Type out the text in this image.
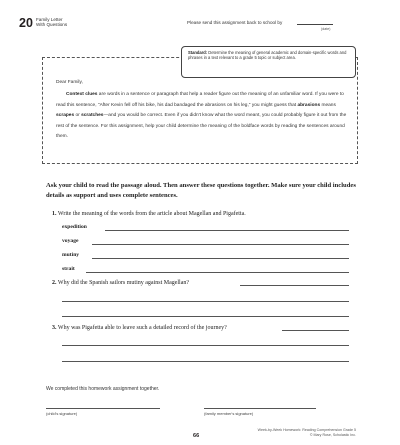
20 Family Letter
With Questions	Please send this assignment back to school by
(date)
Standard: Determine the meaning of general academic and domain-specific words and phrases in a text relevant to a grade 5 topic or subject area.
Dear Family,
Context clues are words in a sentence or paragraph that help a reader figure out the meaning of an unfamiliar word. If you were to read this sentence, "After Kevin fell off his bike, his dad bandaged the abrasions on his leg," you might guess that abrasions means scrapes or scratches—and you would be correct. Even if you didn't know what the word meant, you could probably figure it out from the rest of the sentence. For this assignment, help your child determine the meaning of the boldface words by reading the sentences around them.
Ask your child to read the passage aloud. Then answer these questions together. Make sure your child includes details as support and uses complete sentences.
1. Write the meaning of the words from the article about Magellan and Pigafetta.
expedition
voyage
mutiny
strait
2. Why did the Spanish sailors mutiny against Magellan?
3. Why was Pigafetta able to leave such a detailed record of the journey?
We completed this homework assignment together.
(child's signature)	(family member's signature)
66
Week-by-Week Homework: Reading Comprehension Grade 5
© Mary Rose, Scholastic Inc.
